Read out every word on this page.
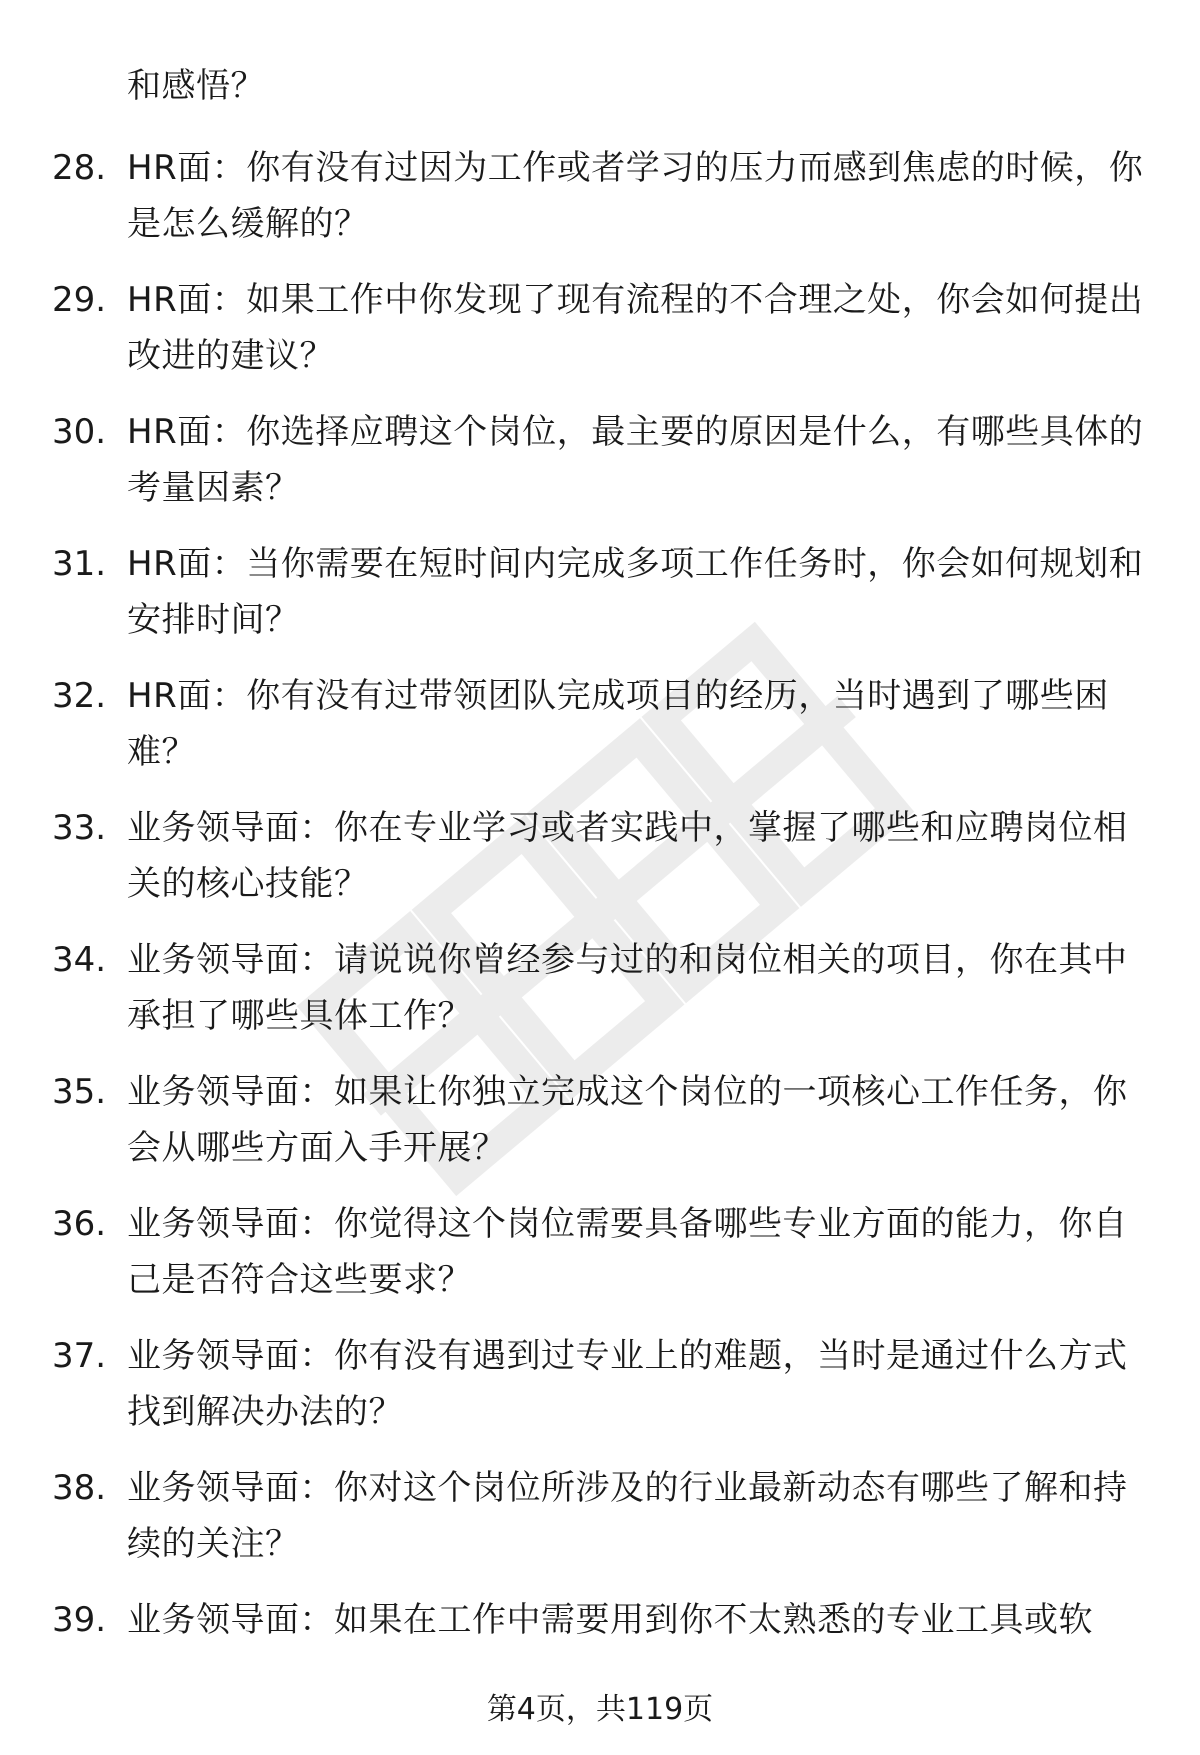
和感悟？
28. HR面：你有没有过因为工作或者学习的压力而感到焦虑的时候，你是怎么缓解的？
29. HR面：如果工作中你发现了现有流程的不合理之处，你会如何提出改进的建议？
30. HR面：你选择应聘这个岗位，最主要的原因是什么，有哪些具体的考量因素？
31. HR面：当你需要在短时间内完成多项工作任务时，你会如何规划和安排时间？
32. HR面：你有没有过带领团队完成项目的经历，当时遇到了哪些困难？
33. 业务领导面：你在专业学习或者实践中，掌握了哪些和应聘岗位相关的核心技能？
34. 业务领导面：请说说你曾经参与过的和岗位相关的项目，你在其中承担了哪些具体工作？
35. 业务领导面：如果让你独立完成这个岗位的一项核心工作任务，你会从哪些方面入手开展？
36. 业务领导面：你觉得这个岗位需要具备哪些专业方面的能力，你自己是否符合这些要求？
37. 业务领导面：你有没有遇到过专业上的难题，当时是通过什么方式找到解决办法的？
38. 业务领导面：你对这个岗位所涉及的行业最新动态有哪些了解和持续的关注？
39. 业务领导面：如果在工作中需要用到你不太熟悉的专业工具或软
第4页，共119页
